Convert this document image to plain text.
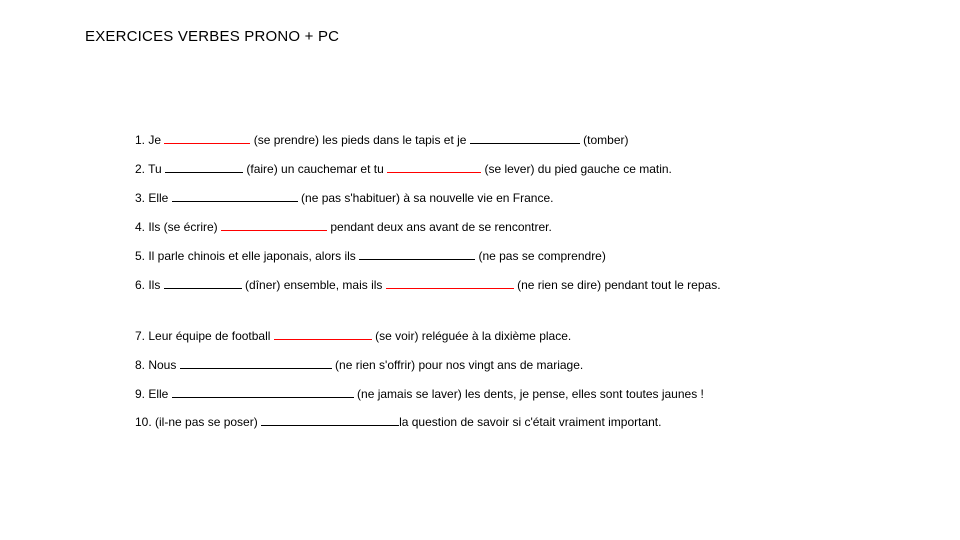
EXERCICES VERBES PRONO + PC
1. Je	(se prendre) les pieds dans le tapis et je	(tomber)
2. Tu	(faire) un cauchemar et tu	(se lever) du pied gauche ce matin.
3. Elle	(ne pas s'habituer) à sa nouvelle vie en France.
4. Ils (se écrire)	pendant deux ans avant de se rencontrer.
5. Il parle chinois et elle japonais, alors ils	(ne pas se comprendre)
6. Ils	(dîner) ensemble, mais ils	(ne rien se dire) pendant tout le repas.
7. Leur équipe de football	(se voir) reléguée à la dixième place.
8. Nous	(ne rien s'offrir) pour nos vingt ans de mariage.
9. Elle	(ne jamais se laver) les dents, je pense, elles sont toutes jaunes !
10. (il-ne pas se poser)	la question de savoir si c'était vraiment important.
